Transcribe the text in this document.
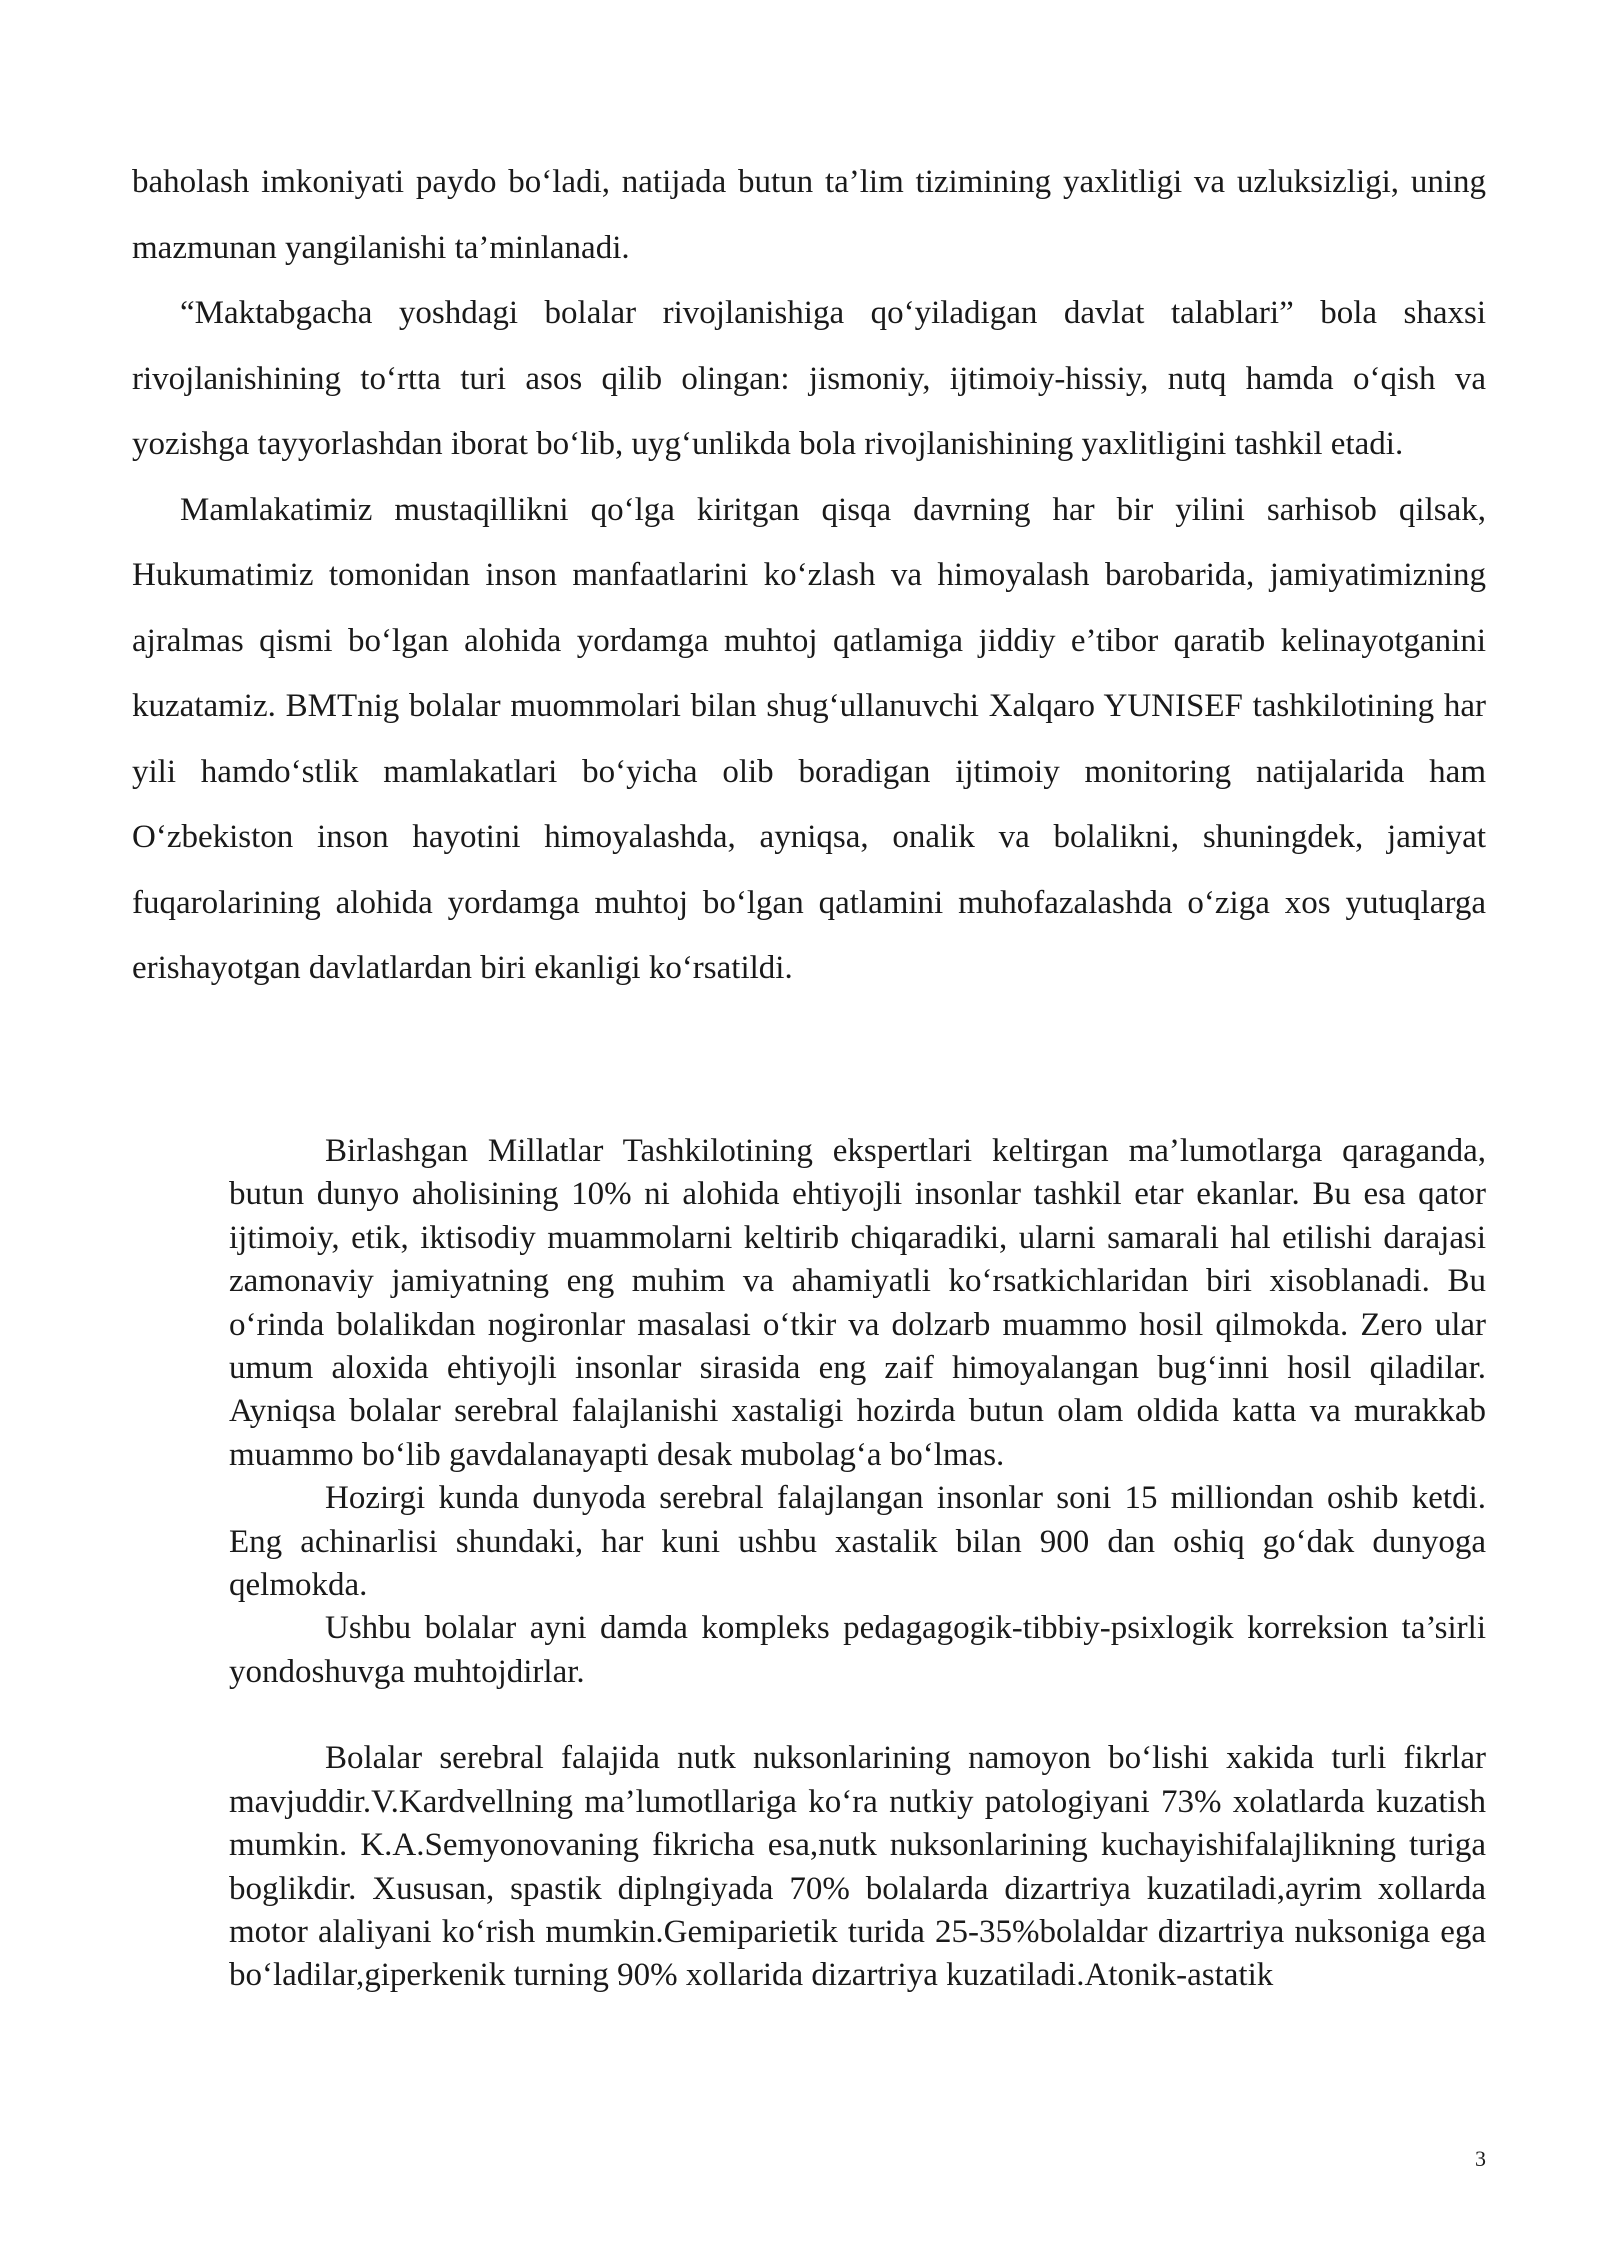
baholash imkoniyati paydo bo‘ladi, natijada butun ta’lim tizimining yaxlitligi va uzluksizligi, uning mazmunan yangilanishi ta’minlanadi.

“Maktabgacha yoshdagi bolalar rivojlanishiga qo‘yiladigan davlat talablari” bola shaxsi rivojlanishining to‘rtta turi asos qilib olingan: jismoniy, ijtimoiy-hissiy, nutq hamda o‘qish va yozishga tayyorlashdan iborat bo‘lib, uyg‘unlikda bola rivojlanishining yaxlitligini tashkil etadi.

Mamlakatimiz mustaqillikni qo‘lga kiritgan qisqa davrning har bir yilini sarhisob qilsak, Hukumatimiz tomonidan inson manfaatlarini ko‘zlash va himoyalash barobarida, jamiyatimizning ajralmas qismi bo‘lgan alohida yordamga muhtoj qatlamiga jiddiy e’tibor qaratib kelinayotganini kuzatamiz. BMTnig bolalar muommolari bilan shug‘ullanuvchi Xalqaro YUNISEF tashkilotining har yili hamdo‘stlik mamlakatlari bo‘yicha olib boradigan ijtimoiy monitoring natijalarida ham O‘zbekiston inson hayotini himoyalashda, ayniqsa, onalik va bolalikni, shuningdek, jamiyat fuqarolarining alohida yordamga muhtoj bo‘lgan qatlamini muhofazalashda o‘ziga xos yutuqlarga erishayotgan davlatlardan biri ekanligi ko‘rsatildi.

Birlashgan Millatlar Tashkilotining ekspertlari keltirgan ma’lumotlarga qaraganda, butun dunyo aholisining 10% ni alohida ehtiyojli insonlar tashkil etar ekanlar. Bu esa qator ijtimoiy, etik, iktisodiy muammolarni keltirib chiqaradiki, ularni samarali hal etilishi darajasi zamonaviy jamiyatning eng muhim va ahamiyatli ko‘rsatkichlaridan biri xisoblanadi. Bu o‘rinda bolalikdan nogironlar masalasi o‘tkir va dolzarb muammo hosil qilmokda. Zero ular umum aloxida ehtiyojli insonlar sirasida eng zaif himoyalangan bug‘inni hosil qiladilar. Ayniqsa bolalar serebral falajlanishi xastaligi hozirda butun olam oldida katta va murakkab muammo bo‘lib gavdalanayapti desak mubolag‘a bo‘lmas.

Hozirgi kunda dunyoda serebral falajlangan insonlar soni 15 milliondan oshib ketdi. Eng achinarlisi shundaki, har kuni ushbu xastalik bilan 900 dan oshiq go‘dak dunyoga qelmokda.

Ushbu bolalar ayni damda kompleks pedagagogik-tibbiy-psixlogik korreksion ta’sirli yondoshuvga muhtojdirlar.

Bolalar serebral falajida nutk nuksonlarining namoyon bo‘lishi xakida turli fikrlar mavjuddir.V.Kardvellning ma’lumotllariga ko‘ra nutkiy patologiyani 73% xolatlarda kuzatish mumkin. K.A.Semyonovaning fikricha esa,nutk nuksonlarining kuchayishifalajlikning turiga boglikdir. Xususan, spastik diplngiyada 70% bolalarda dizartriya kuzatiladi,ayrim xollarda motor alaliyani ko‘rish mumkin.Gemiparietik turida 25-35%bolaldar dizartriya nuksoniga ega bo‘ladilar,giperkenik turning 90% xollarida dizartriya kuzatiladi.Atonik-astatik

3
